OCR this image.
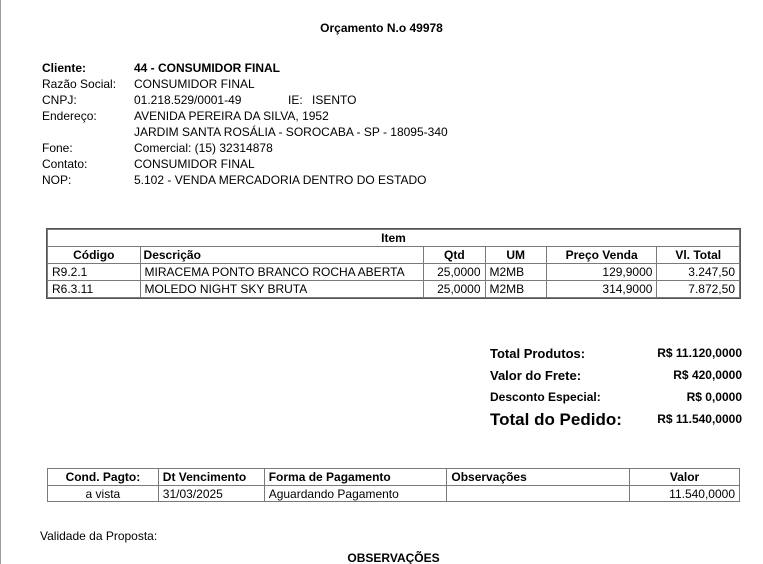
Orçamento N.o 49978
Cliente:	44 - CONSUMIDOR FINAL
Razão Social: CONSUMIDOR FINAL
CNPJ:	01.218.529/0001-49	IE: ISENTO
Endereço:	AVENIDA PEREIRA DA SILVA, 1952
JARDIM SANTA ROSÁLIA - SOROCABA - SP - 18095-340
Fone:	Comercial: (15) 32314878
Contato:	CONSUMIDOR FINAL
NOP:	5.102 - VENDA MERCADORIA DENTRO DO ESTADO
Item					
Código	Descrição	Qtd	UM	Preço Venda	Vl. Total
R9.2.1	MIRACEMA PONTO BRANCO ROCHA ABERTA	25,0000	M2MB	129,9000	3.247,50
R6.3.11	MOLEDO NIGHT SKY BRUTA	25,0000	M2MB	314,9000	7.872,50
Total Produtos:	R$ 11.120,0000
Valor do Frete:	R$ 420,0000
Desconto Especial:	R$ 0,0000
Total do Pedido:	R$ 11.540,0000
Cond. Pagto:	Dt Vencimento	Forma de Pagamento	Observações	Valor
a vista	31/03/2025	Aguardando Pagamento		11.540,0000
Validade da Proposta:
OBSERVAÇÕES
